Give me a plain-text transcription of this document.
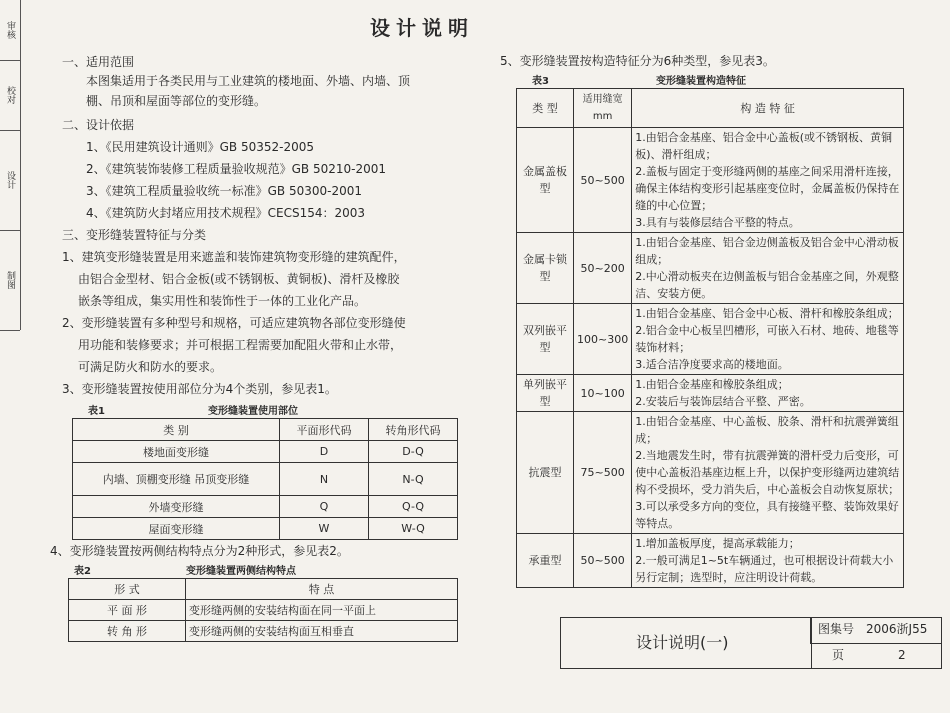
审核
校对
设计
制图
设计说明
一、适用范围
本图集适用于各类民用与工业建筑的楼地面、外墙、内墙、顶
棚、吊顶和屋面等部位的变形缝。
二、设计依据
1、《民用建筑设计通则》GB 50352-2005
2、《建筑装饰装修工程质量验收规范》GB 50210-2001
3、《建筑工程质量验收统一标准》GB 50300-2001
4、《建筑防火封堵应用技术规程》CECS154：2003
三、变形缝装置特征与分类
1、建筑变形缝装置是用来遮盖和装饰建筑物变形缝的建筑配件，
由铝合金型材、铝合金板(或不锈钢板、黄铜板)、滑杆及橡胶
嵌条等组成，集实用性和装饰性于一体的工业化产品。
2、变形缝装置有多种型号和规格，可适应建筑物各部位变形缝使
用功能和装修要求；并可根据工程需要加配阻火带和止水带，
可满足防火和防水的要求。
3、变形缝装置按使用部位分为4个类别，参见表1。
表1	变形缝装置使用部位
类 别	平面形代码	转角形代码
楼地面变形缝	D	D-Q
内墙、顶棚变形缝 吊顶变形缝	N	N-Q
外墙变形缝	Q	Q-Q
屋面变形缝	W	W-Q
4、变形缝装置按两侧结构特点分为2种形式，参见表2。
表2	变形缝装置两侧结构特点
形 式	特 点
平 面 形	变形缝两侧的安装结构面在同一平面上
转 角 形	变形缝两侧的安装结构面互相垂直
5、变形缝装置按构造特征分为6种类型，参见表3。
表3	变形缝装置构造特征
类 型	适用缝宽mm	构 造 特 征
金属盖板型	50~500	1.由铝合金基座、铝合金中心盖板(或不锈钢板、黄铜板)、滑杆组成；
2.盖板与固定于变形缝两侧的基座之间采用滑杆连接，确保主体结构变形引起基座变位时，金属盖板仍保持在缝的中心位置；
3.具有与装修层结合平整的特点。

金属卡锁型	50~200	1.由铝合金基座、铝合金边侧盖板及铝合金中心滑动板组成；
2.中心滑动板夹在边侧盖板与铝合金基座之间，外观整洁、安装方便。

双列嵌平型	100~300	1.由铝合金基座、铝合金中心板、滑杆和橡胶条组成；
2.铝合金中心板呈凹槽形，可嵌入石材、地砖、地毯等装饰材料；
3.适合洁净度要求高的楼地面。

单列嵌平型	10~100	1.由铝合金基座和橡胶条组成；
2.安装后与装饰层结合平整、严密。

抗震型	75~500	1.由铝合金基座、中心盖板、胶条、滑杆和抗震弹簧组成；
2.当地震发生时，带有抗震弹簧的滑杆受力后变形，可使中心盖板沿基座边框上升，以保护变形缝两边建筑结构不受损坏，受力消失后，中心盖板会自动恢复原状；
3.可以承受多方向的变位，具有接缝平整、装饰效果好等特点。

承重型	50~500	1.增加盖板厚度，提高承载能力；
2.一般可满足1~5t车辆通过，也可根据设计荷载大小另行定制；选型时，应注明设计荷载。
设计说明(一)
图集号 2006浙J55
页	2
